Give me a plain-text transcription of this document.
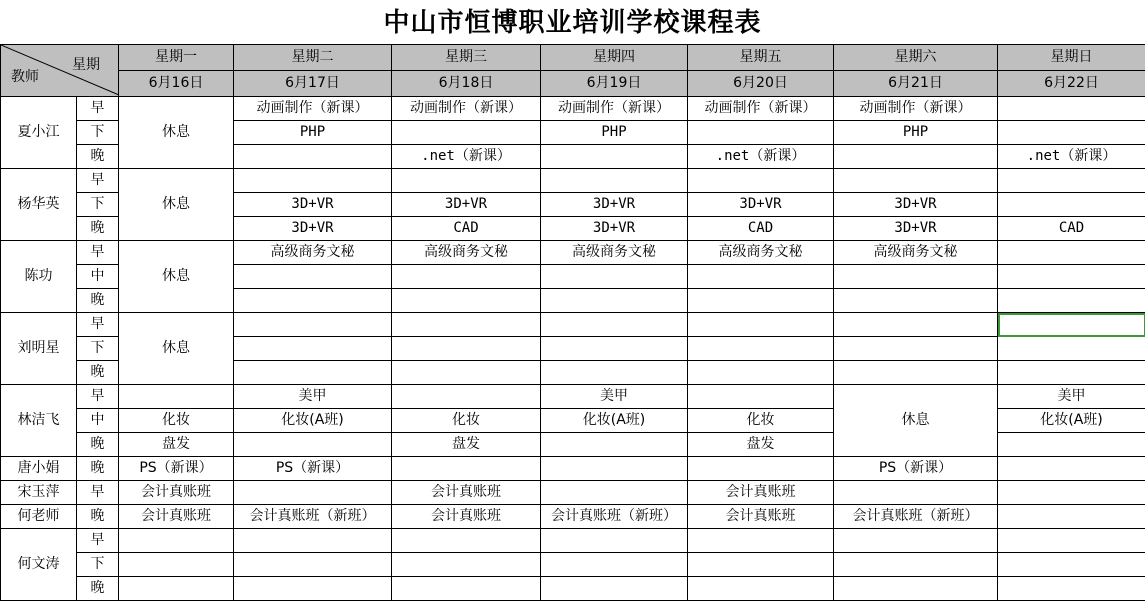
中山市恒博职业培训学校课程表
星期
教师		星期一	星期二	星期三	星期四	星期五	星期六	星期日
		6月16日	6月17日	6月18日	6月19日	6月20日	6月21日	6月22日
夏小江	早	休息	动画制作（新课）	动画制作（新课）	动画制作（新课）	动画制作（新课）	动画制作（新课）	
	下		PHP		PHP		PHP	
	晚			.net（新课）		.net（新课）		.net（新课）
杨华英	早	休息						
	下		3D+VR	3D+VR	3D+VR	3D+VR	3D+VR	
	晚		3D+VR	CAD	3D+VR	CAD	3D+VR	CAD
陈功	早	休息	高级商务文秘	高级商务文秘	高级商务文秘	高级商务文秘	高级商务文秘	
	中							
	晚							
刘明星	早	休息						
	下							
	晚							
林洁飞	早		美甲		美甲		休息	美甲
	中	化妆	化妆(A班)	化妆	化妆(A班)	化妆		化妆(A班)
	晚	盘发		盘发		盘发		
唐小娟	晚	PS（新课）	PS（新课）				PS（新课）	
宋玉萍	早	会计真账班		会计真账班		会计真账班		
何老师	晚	会计真账班	会计真账班（新班）	会计真账班	会计真账班（新班）	会计真账班	会计真账班（新班）	
何文涛	早							
	下							
	晚							
